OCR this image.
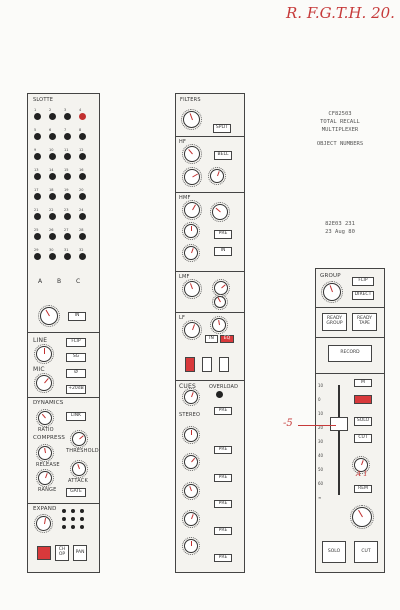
R. F.G.T.H. 20.
CF82503
TOTAL RECALL
MULTIPLEXER
OBJECT NUMBERS
82E03 231
23 Aug 80
SLOTTE
1	2	3	4
5	6	7	8
9	10	11	12
13	14	15	16
17	18	19	20
21	22	23	24
25	26	27	28
29	30	31	32
A B C
IN
LINE	FLIP
SG
MIC	Ø
+20dB
DYNAMICS
LINK
RATIO
COMPRESS
RELEASE
THRESHOLD
RANGE
ATTACK
GATE
EXPAND
CH OP	PAN
FILTERS
SPLIT
HF
BELL
HMF
PRE
IN
LMF
LF
IN	EQ
CUES	OVERLOAD
STEREO
PRE
PRE
PRE
PRE
PRE
PRE
GROUP
FLIP
DIRECT
READY GROUP
READY TAPE
RECORD
10
0
10
20
30
40
50
60
∞
M
SOLO
CUT
REM
SOLO	CUT
-5
A 1
